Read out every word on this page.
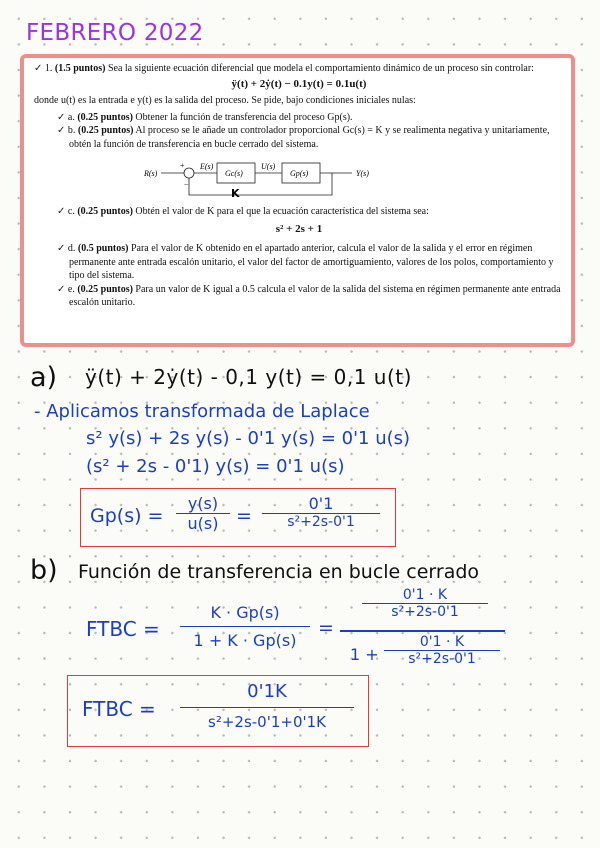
FEBRERO 2022

✓ 1. (1.5 puntos) Sea la siguiente ecuación diferencial que modela el comportamiento dinámico de un proceso sin controlar:

ÿ(t) + 2ẏ(t) − 0.1y(t) = 0.1u(t)

donde u(t) es la entrada e y(t) es la salida del proceso. Se pide, bajo condiciones iniciales nulas:

✓ a. (0.25 puntos) Obtener la función de transferencia del proceso Gp(s).

✓ b. (0.25 puntos) Al proceso se le añade un controlador proporcional Gc(s) = K y se realimenta negativa y unitariamente, obtén la función de transferencia en bucle cerrado del sistema.

R(s)
+
−
E(s)
Gc(s)
U(s)
Gp(s)	Y(s)
K

✓ c. (0.25 puntos) Obtén el valor de K para el que la ecuación característica del sistema sea:

s² + 2s + 1

✓ d. (0.5 puntos) Para el valor de K obtenido en el apartado anterior, calcula el valor de la salida y el error en régimen permanente ante entrada escalón unitario, el valor del factor de amortiguamiento, valores de los polos, comportamiento y tipo del sistema.

✓ e. (0.25 puntos) Para un valor de K igual a 0.5 calcula el valor de la salida del sistema en régimen permanente ante entrada escalón unitario.

a) ÿ(t) + 2ẏ(t) - 0,1 y(t) = 0,1 u(t)
- Aplicamos transformada de Laplace
s² y(s) + 2s y(s) - 0'1 y(s) = 0'1 u(s)
(s² + 2s - 0'1) y(s) = 0'1 u(s)
Gp(s) =
y(s)
u(s) =
0'1
s²+2s-0'1
b) Función de transferencia en bucle cerrado
FTBC =
K · Gp(s)
1 + K · Gp(s)
=
0'1 · K
s²+2s-0'1
1 +
0'1 · K
s²+2s-0'1
FTBC =
0'1K
s²+2s-0'1+0'1K
